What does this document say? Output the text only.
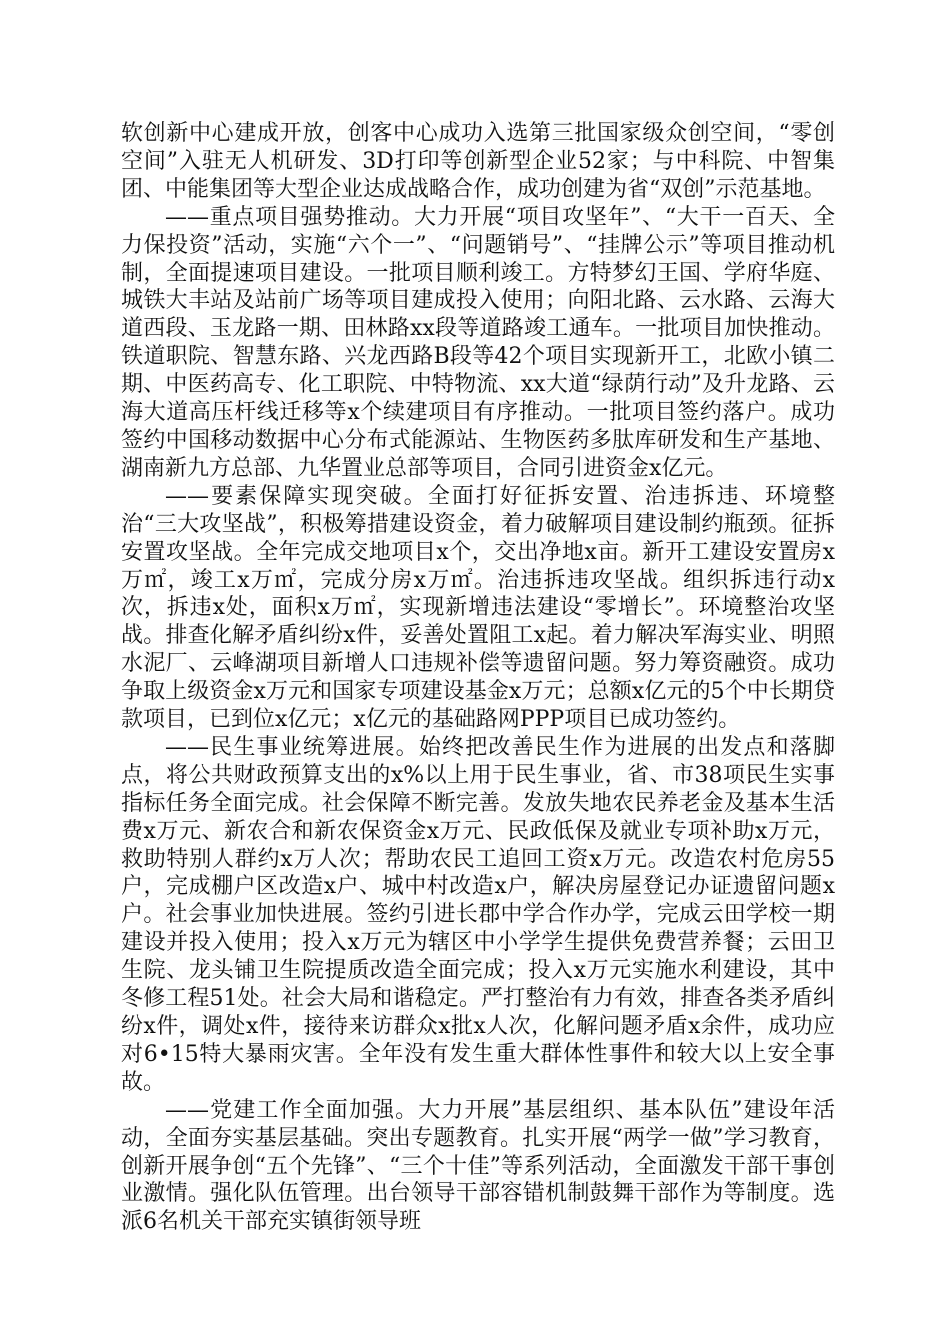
软创新中心建成开放，创客中心成功入选第三批国家级众创空间，“零创空间”入驻无人机研发、3D打印等创新型企业52家；与中科院、中智集团、中能集团等大型企业达成战略合作，成功创建为省“双创”示范基地。

——重点项目强势推动。大力开展“项目攻坚年”、“大干一百天、全力保投资”活动，实施“六个一”、“问题销号”、“挂牌公示”等项目推动机制，全面提速项目建设。一批项目顺利竣工。方特梦幻王国、学府华庭、城铁大丰站及站前广场等项目建成投入使用；向阳北路、云水路、云海大道西段、玉龙路一期、田林路xx段等道路竣工通车。一批项目加快推动。铁道职院、智慧东路、兴龙西路B段等42个项目实现新开工，北欧小镇二期、中医药高专、化工职院、中特物流、xx大道“绿荫行动”及升龙路、云海大道高压杆线迁移等x个续建项目有序推动。一批项目签约落户。成功签约中国移动数据中心分布式能源站、生物医药多肽库研发和生产基地、湖南新九方总部、九华置业总部等项目，合同引进资金x亿元。

——要素保障实现突破。全面打好征拆安置、治违拆违、环境整治“三大攻坚战”，积极筹措建设资金，着力破解项目建设制约瓶颈。征拆安置攻坚战。全年完成交地项目x个，交出净地x亩。新开工建设安置房x万㎡，竣工x万㎡，完成分房x万㎡。治违拆违攻坚战。组织拆违行动x次，拆违x处，面积x万㎡，实现新增违法建设“零增长”。环境整治攻坚战。排查化解矛盾纠纷x件，妥善处置阻工x起。着力解决军海实业、明照水泥厂、云峰湖项目新增人口违规补偿等遗留问题。努力筹资融资。成功争取上级资金x万元和国家专项建设基金x万元；总额x亿元的5个中长期贷款项目，已到位x亿元；x亿元的基础路网PPP项目已成功签约。

——民生事业统筹进展。始终把改善民生作为进展的出发点和落脚点，将公共财政预算支出的x%以上用于民生事业，省、市38项民生实事指标任务全面完成。社会保障不断完善。发放失地农民养老金及基本生活费x万元、新农合和新农保资金x万元、民政低保及就业专项补助x万元，救助特别人群约x万人次；帮助农民工追回工资x万元。改造农村危房55户，完成棚户区改造x户、城中村改造x户，解决房屋登记办证遗留问题x户。社会事业加快进展。签约引进长郡中学合作办学，完成云田学校一期建设并投入使用；投入x万元为辖区中小学学生提供免费营养餐；云田卫生院、龙头铺卫生院提质改造全面完成；投入x万元实施水利建设，其中冬修工程51处。社会大局和谐稳定。严打整治有力有效，排查各类矛盾纠纷x件，调处x件，接待来访群众x批x人次，化解问题矛盾x余件，成功应对6•15特大暴雨灾害。全年没有发生重大群体性事件和较大以上安全事故。

——党建工作全面加强。大力开展”基层组织、基本队伍”建设年活动，全面夯实基层基础。突出专题教育。扎实开展“两学一做”学习教育，创新开展争创“五个先锋”、“三个十佳”等系列活动，全面激发干部干事创业激情。强化队伍管理。出台领导干部容错机制鼓舞干部作为等制度。选派6名机关干部充实镇街领导班
